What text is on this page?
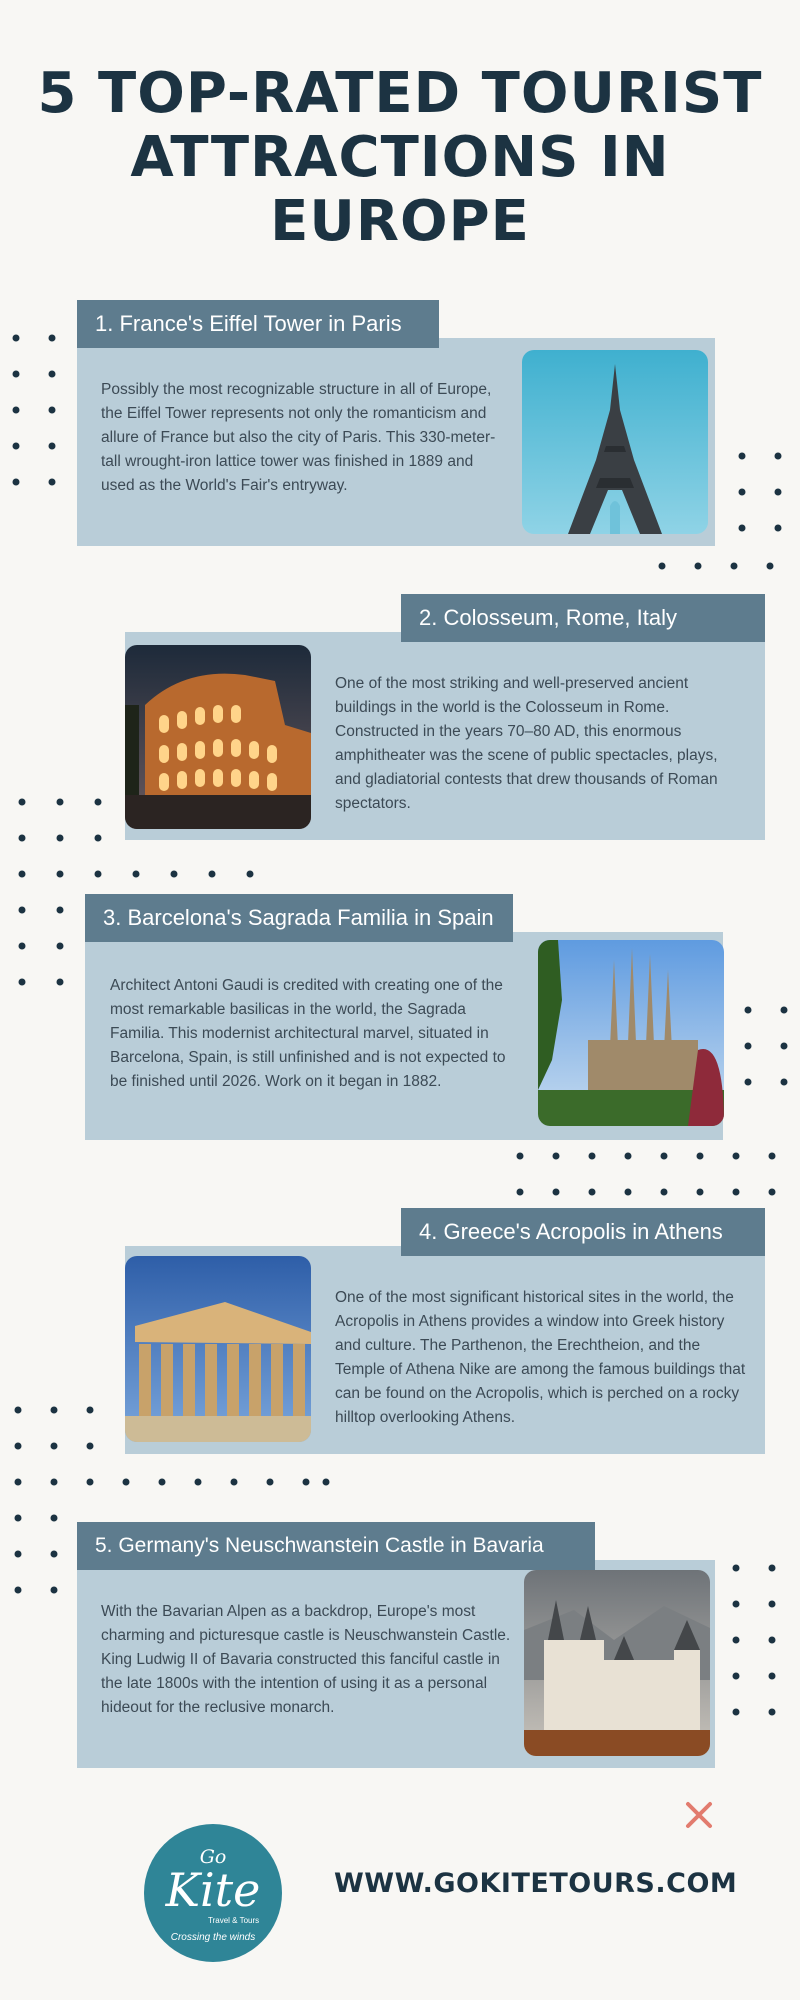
5 TOP-RATED TOURIST ATTRACTIONS IN EUROPE
1. France's Eiffel Tower in Paris
Possibly the most recognizable structure in all of Europe, the Eiffel Tower represents not only the romanticism and allure of France but also the city of Paris. This 330-meter-tall wrought-iron lattice tower was finished in 1889 and used as the World's Fair's entryway.
2. Colosseum, Rome, Italy
One of the most striking and well-preserved ancient buildings in the world is the Colosseum in Rome. Constructed in the years 70–80 AD, this enormous amphitheater was the scene of public spectacles, plays, and gladiatorial contests that drew thousands of Roman spectators.
3. Barcelona's Sagrada Familia in Spain
Architect Antoni Gaudi is credited with creating one of the most remarkable basilicas in the world, the Sagrada Familia. This modernist architectural marvel, situated in Barcelona, Spain, is still unfinished and is not expected to be finished until 2026. Work on it began in 1882.
4. Greece's Acropolis in Athens
One of the most significant historical sites in the world, the Acropolis in Athens provides a window into Greek history and culture. The Parthenon, the Erechtheion, and the Temple of Athena Nike are among the famous buildings that can be found on the Acropolis, which is perched on a rocky hilltop overlooking Athens.
5. Germany's Neuschwanstein Castle in Bavaria
With the Bavarian Alpen as a backdrop, Europe's most charming and picturesque castle is Neuschwanstein Castle. King Ludwig II of Bavaria constructed this fanciful castle in the late 1800s with the intention of using it as a personal hideout for the reclusive monarch.
Go
Kite
Travel & Tours
Crossing the winds
WWW.GOKITETOURS.COM
